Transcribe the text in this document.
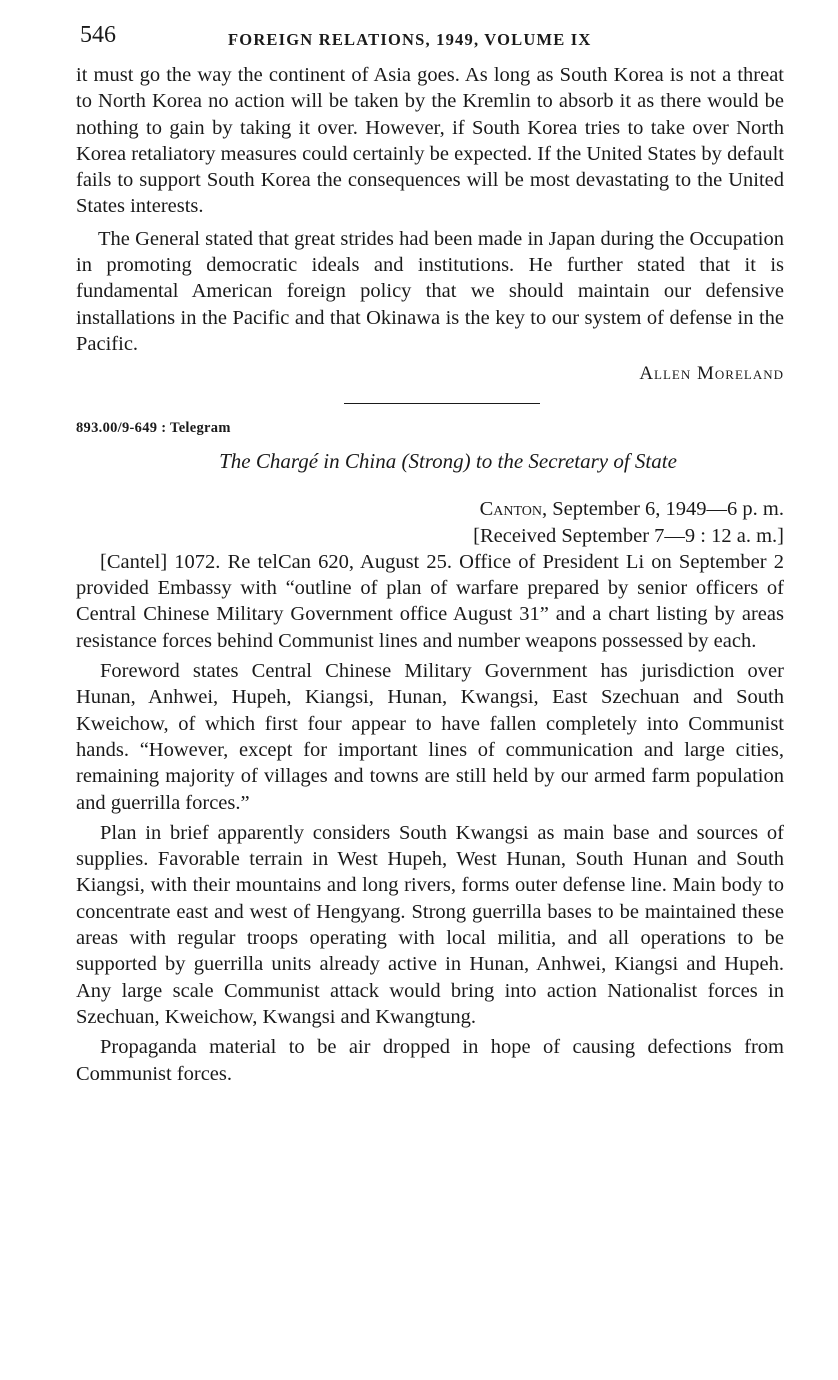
546	FOREIGN RELATIONS, 1949, VOLUME IX

it must go the way the continent of Asia goes. As long as South Korea is not a threat to North Korea no action will be taken by the Kremlin to absorb it as there would be nothing to gain by taking it over. However, if South Korea tries to take over North Korea retaliatory measures could certainly be expected. If the United States by default fails to support South Korea the consequences will be most devastating to the United States interests.

The General stated that great strides had been made in Japan during the Occupation in promoting democratic ideals and institutions. He further stated that it is fundamental American foreign policy that we should maintain our defensive installations in the Pacific and that Okinawa is the key to our system of defense in the Pacific.

Allen Moreland
893.00/9-649 : Telegram
The Chargé in China (Strong) to the Secretary of State
Canton, September 6, 1949—6 p. m.
[Received September 7—9 : 12 a. m.]

[Cantel] 1072. Re telCan 620, August 25. Office of President Li on September 2 provided Embassy with “outline of plan of warfare prepared by senior officers of Central Chinese Military Government office August 31” and a chart listing by areas resistance forces behind Communist lines and number weapons possessed by each.

Foreword states Central Chinese Military Government has jurisdiction over Hunan, Anhwei, Hupeh, Kiangsi, Hunan, Kwangsi, East Szechuan and South Kweichow, of which first four appear to have fallen completely into Communist hands. “However, except for important lines of communication and large cities, remaining majority of villages and towns are still held by our armed farm population and guerrilla forces.”

Plan in brief apparently considers South Kwangsi as main base and sources of supplies. Favorable terrain in West Hupeh, West Hunan, South Hunan and South Kiangsi, with their mountains and long rivers, forms outer defense line. Main body to concentrate east and west of Hengyang. Strong guerrilla bases to be maintained these areas with regular troops operating with local militia, and all operations to be supported by guerrilla units already active in Hunan, Anhwei, Kiangsi and Hupeh. Any large scale Communist attack would bring into action Nationalist forces in Szechuan, Kweichow, Kwangsi and Kwangtung.

Propaganda material to be air dropped in hope of causing defections from Communist forces.
